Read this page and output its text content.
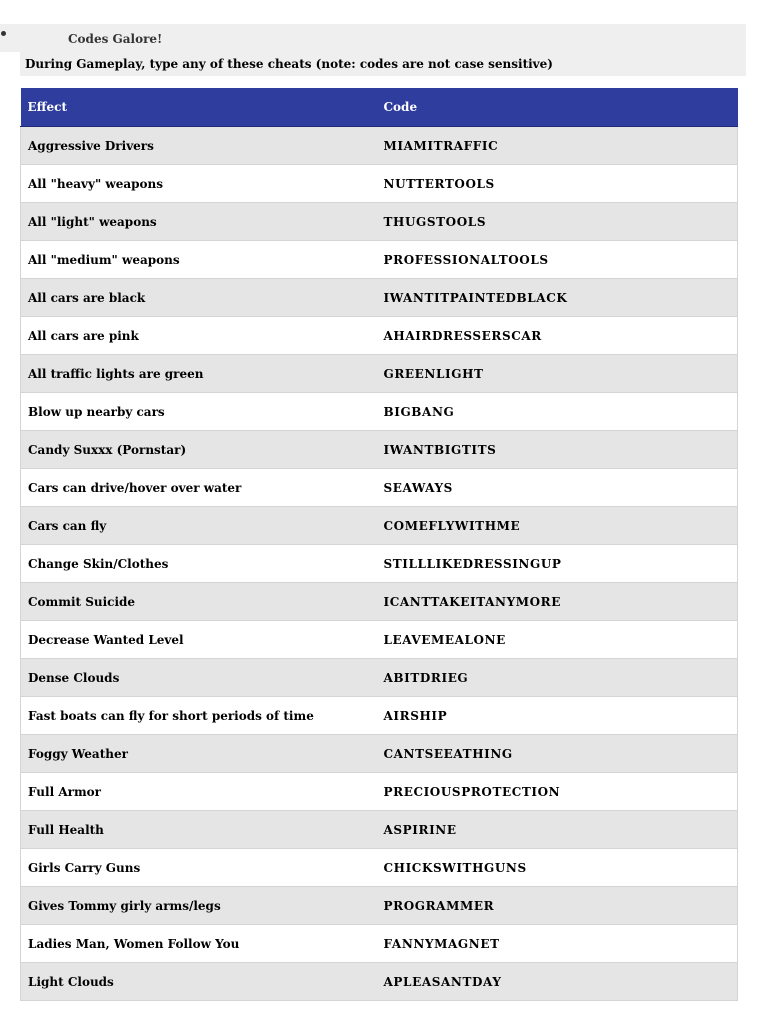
Codes Galore!
During Gameplay, type any of these cheats (note: codes are not case sensitive)
Effect	Code
Aggressive Drivers	MIAMITRAFFIC
All "heavy" weapons	NUTTERTOOLS
All "light" weapons	THUGSTOOLS
All "medium" weapons	PROFESSIONALTOOLS
All cars are black	IWANTITPAINTEDBLACK
All cars are pink	AHAIRDRESSERSCAR
All traffic lights are green	GREENLIGHT
Blow up nearby cars	BIGBANG
Candy Suxxx (Pornstar)	IWANTBIGTITS
Cars can drive/hover over water	SEAWAYS
Cars can fly	COMEFLYWITHME
Change Skin/Clothes	STILLLIKEDRESSINGUP
Commit Suicide	ICANTTAKEITANYMORE
Decrease Wanted Level	LEAVEMEALONE
Dense Clouds	ABITDRIEG
Fast boats can fly for short periods of time	AIRSHIP
Foggy Weather	CANTSEEATHING
Full Armor	PRECIOUSPROTECTION
Full Health	ASPIRINE
Girls Carry Guns	CHICKSWITHGUNS
Gives Tommy girly arms/legs	PROGRAMMER
Ladies Man, Women Follow You	FANNYMAGNET
Light Clouds	APLEASANTDAY
